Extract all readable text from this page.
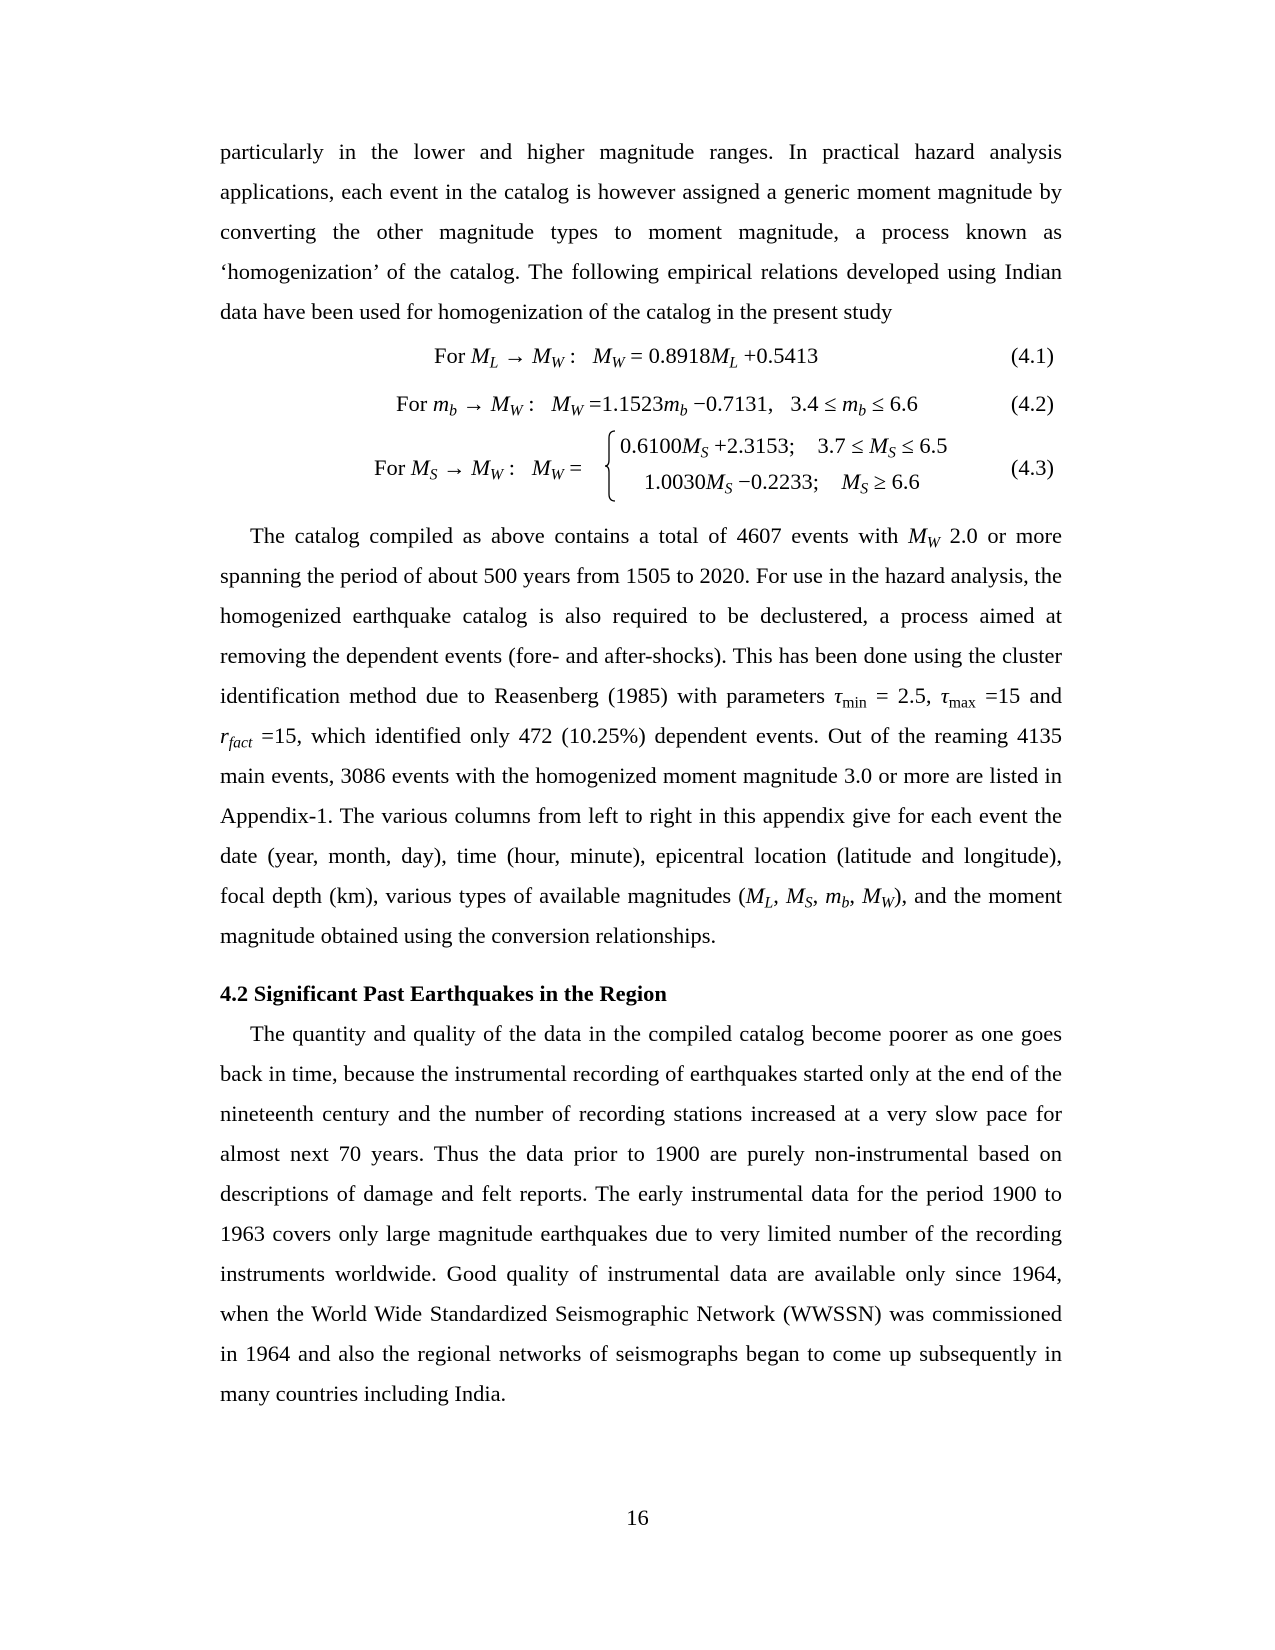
particularly in the lower and higher magnitude ranges. In practical hazard analysis applications, each event in the catalog is however assigned a generic moment magnitude by converting the other magnitude types to moment magnitude, a process known as ‘homogenization’ of the catalog. The following empirical relations developed using Indian data have been used for homogenization of the catalog in the present study

For $M_L \to M_W$ : $M_W = 0.8918M_L +0.5413$	(4.1)
For $m_b \to M_W$ : $M_W =1.1523m_b -0.7131$, $3.4 \le m_b \le 6.6$	(4.2)
For $M_S \to M_W$ : $M_W$ =
$0.6100M_S +2.3153$; $3.7 \le M_S \le 6.5$
$1.0030M_S -0.2233$; $M_S \ge 6.6$
(4.3)

The catalog compiled as above contains a total of 4607 events with $M_W$ 2.0 or more spanning the period of about 500 years from 1505 to 2020. For use in the hazard analysis, the homogenized earthquake catalog is also required to be declustered, a process aimed at removing the dependent events (fore- and after-shocks). This has been done using the cluster identification method due to Reasenberg (1985) with parameters $\tau_{min} = 2.5$, $\tau_{max} =15$ and $r_{fact} =15$, which identified only 472 (10.25%) dependent events. Out of the reaming 4135 main events, 3086 events with the homogenized moment magnitude 3.0 or more are listed in Appendix-1. The various columns from left to right in this appendix give for each event the date (year, month, day), time (hour, minute), epicentral location (latitude and longitude), focal depth (km), various types of available magnitudes ($M_L$, $M_S$, $m_b$, $M_W$), and the moment magnitude obtained using the conversion relationships.

4.2 Significant Past Earthquakes in the Region

The quantity and quality of the data in the compiled catalog become poorer as one goes back in time, because the instrumental recording of earthquakes started only at the end of the nineteenth century and the number of recording stations increased at a very slow pace for almost next 70 years. Thus the data prior to 1900 are purely non-instrumental based on descriptions of damage and felt reports. The early instrumental data for the period 1900 to 1963 covers only large magnitude earthquakes due to very limited number of the recording instruments worldwide. Good quality of instrumental data are available only since 1964, when the World Wide Standardized Seismographic Network (WWSSN) was commissioned in 1964 and also the regional networks of seismographs began to come up subsequently in many countries including India.

16
